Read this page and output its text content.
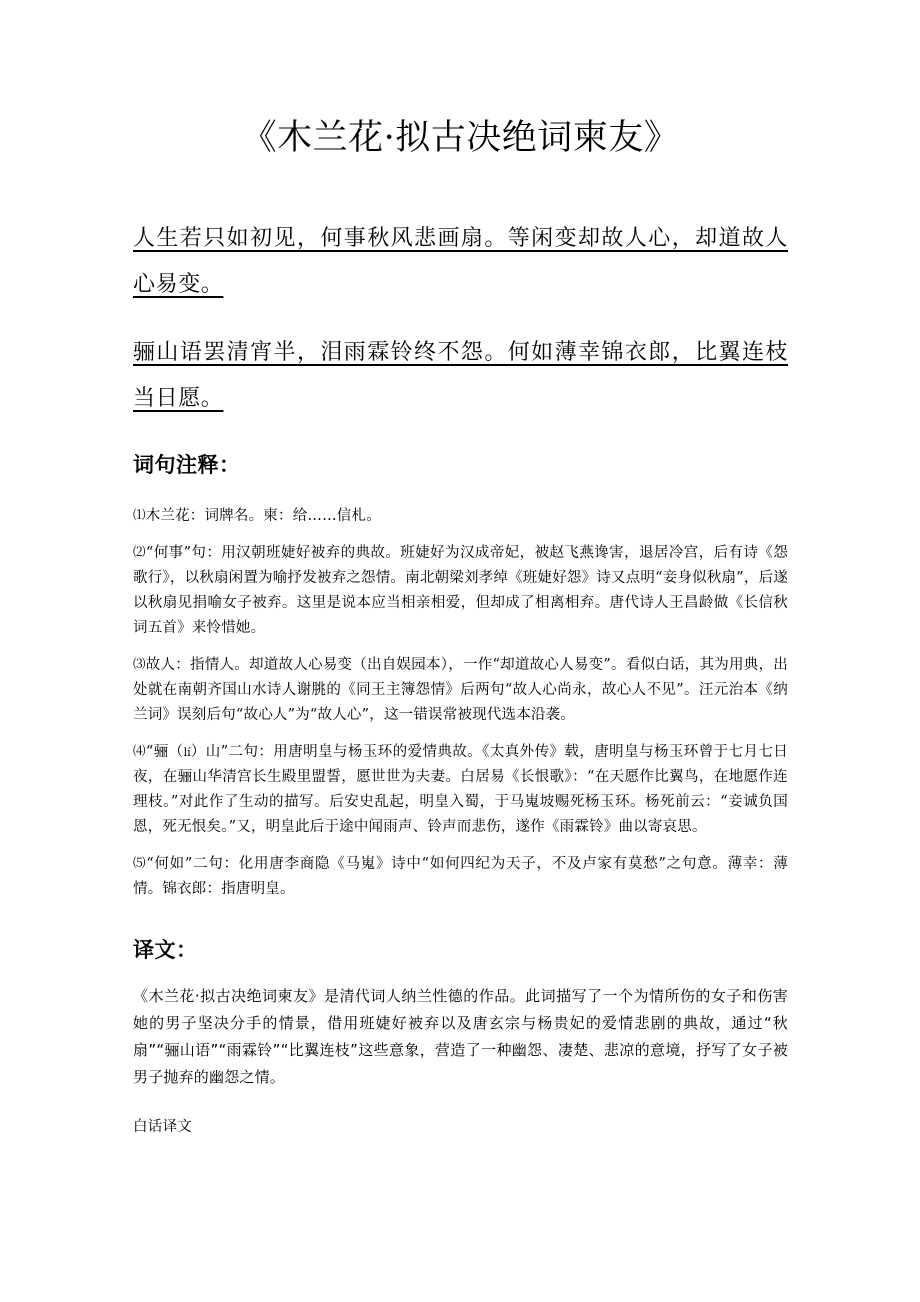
《木兰花·拟古决绝词柬友》

人生若只如初见，何事秋风悲画扇。等闲变却故人心，却道故人心易变。

骊山语罢清宵半，泪雨霖铃终不怨。何如薄幸锦衣郎，比翼连枝当日愿。

词句注释：

⑴木兰花：词牌名。柬：给……信札。

⑵“何事”句：用汉朝班婕好被弃的典故。班婕好为汉成帝妃，被赵飞燕谗害，退居冷宫，后有诗《怨歌行》，以秋扇闲置为喻抒发被弃之怨情。南北朝梁刘孝绰《班婕好怨》诗又点明“妾身似秋扇”，后遂以秋扇见捐喻女子被弃。这里是说本应当相亲相爱，但却成了相离相弃。唐代诗人王昌龄做《长信秋词五首》来怜惜她。

⑶故人：指情人。却道故人心易变（出自娱园本），一作“却道故心人易变”。看似白话，其为用典，出处就在南朝齐国山水诗人谢朓的《同王主簿怨情》后两句“故人心尚永，故心人不见”。汪元治本《纳兰词》误刻后句“故心人”为“故人心”，这一错误常被现代选本沿袭。

⑷“骊（lí）山”二句：用唐明皇与杨玉环的爱情典故。《太真外传》载，唐明皇与杨玉环曾于七月七日夜，在骊山华清宫长生殿里盟誓，愿世世为夫妻。白居易《长恨歌》：“在天愿作比翼鸟，在地愿作连理枝。”对此作了生动的描写。后安史乱起，明皇入蜀，于马嵬坡赐死杨玉环。杨死前云：“妾诚负国恩，死无恨矣。”又，明皇此后于途中闻雨声、铃声而悲伤，遂作《雨霖铃》曲以寄哀思。

⑸“何如”二句：化用唐李商隐《马嵬》诗中“如何四纪为天子，不及卢家有莫愁”之句意。薄幸：薄情。锦衣郎：指唐明皇。

译文：

《木兰花·拟古决绝词柬友》是清代词人纳兰性德的作品。此词描写了一个为情所伤的女子和伤害她的男子坚决分手的情景，借用班婕好被弃以及唐玄宗与杨贵妃的爱情悲剧的典故，通过“秋扇”“骊山语”“雨霖铃”“比翼连枝”这些意象，营造了一种幽怨、凄楚、悲凉的意境，抒写了女子被男子抛弃的幽怨之情。

白话译文
